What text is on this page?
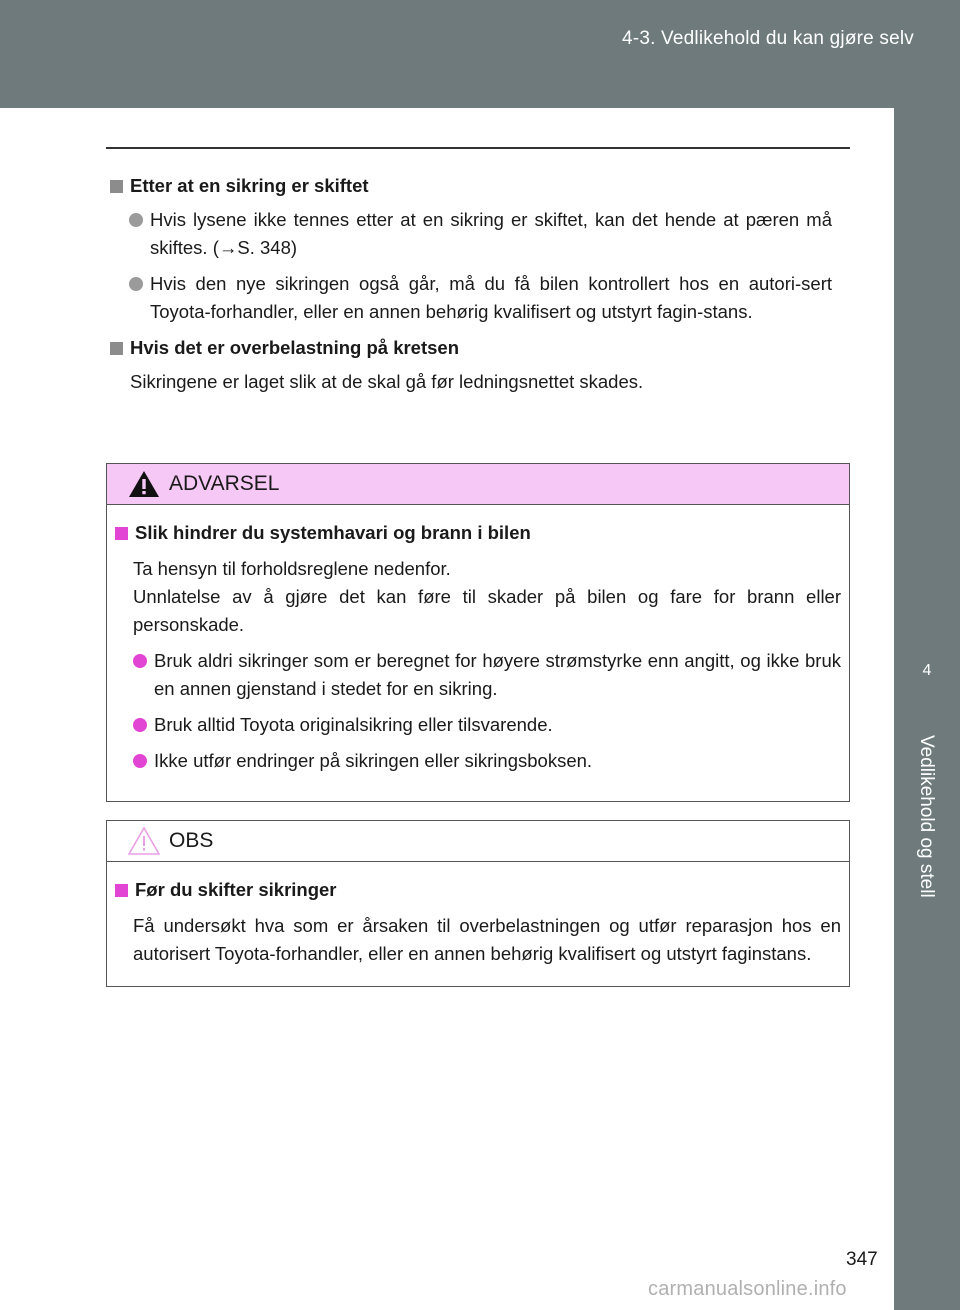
4-3. Vedlikehold du kan gjøre selv
4
Vedlikehold og stell
Etter at en sikring er skiftet
Hvis lysene ikke tennes etter at en sikring er skiftet, kan det hende at pæren må skiftes. (→S. 348)
Hvis den nye sikringen også går, må du få bilen kontrollert hos en autori-sert Toyota-forhandler, eller en annen behørig kvalifisert og utstyrt fagin-stans.
Hvis det er overbelastning på kretsen
Sikringene er laget slik at de skal gå før ledningsnettet skades.
ADVARSEL
Slik hindrer du systemhavari og brann i bilen
Ta hensyn til forholdsreglene nedenfor.
Unnlatelse av å gjøre det kan føre til skader på bilen og fare for brann eller personskade.
Bruk aldri sikringer som er beregnet for høyere strømstyrke enn angitt, og ikke bruk en annen gjenstand i stedet for en sikring.
Bruk alltid Toyota originalsikring eller tilsvarende.
Ikke utfør endringer på sikringen eller sikringsboksen.
OBS
Før du skifter sikringer
Få undersøkt hva som er årsaken til overbelastningen og utfør reparasjon hos en autorisert Toyota-forhandler, eller en annen behørig kvalifisert og utstyrt faginstans.
347
carmanualsonline.info
